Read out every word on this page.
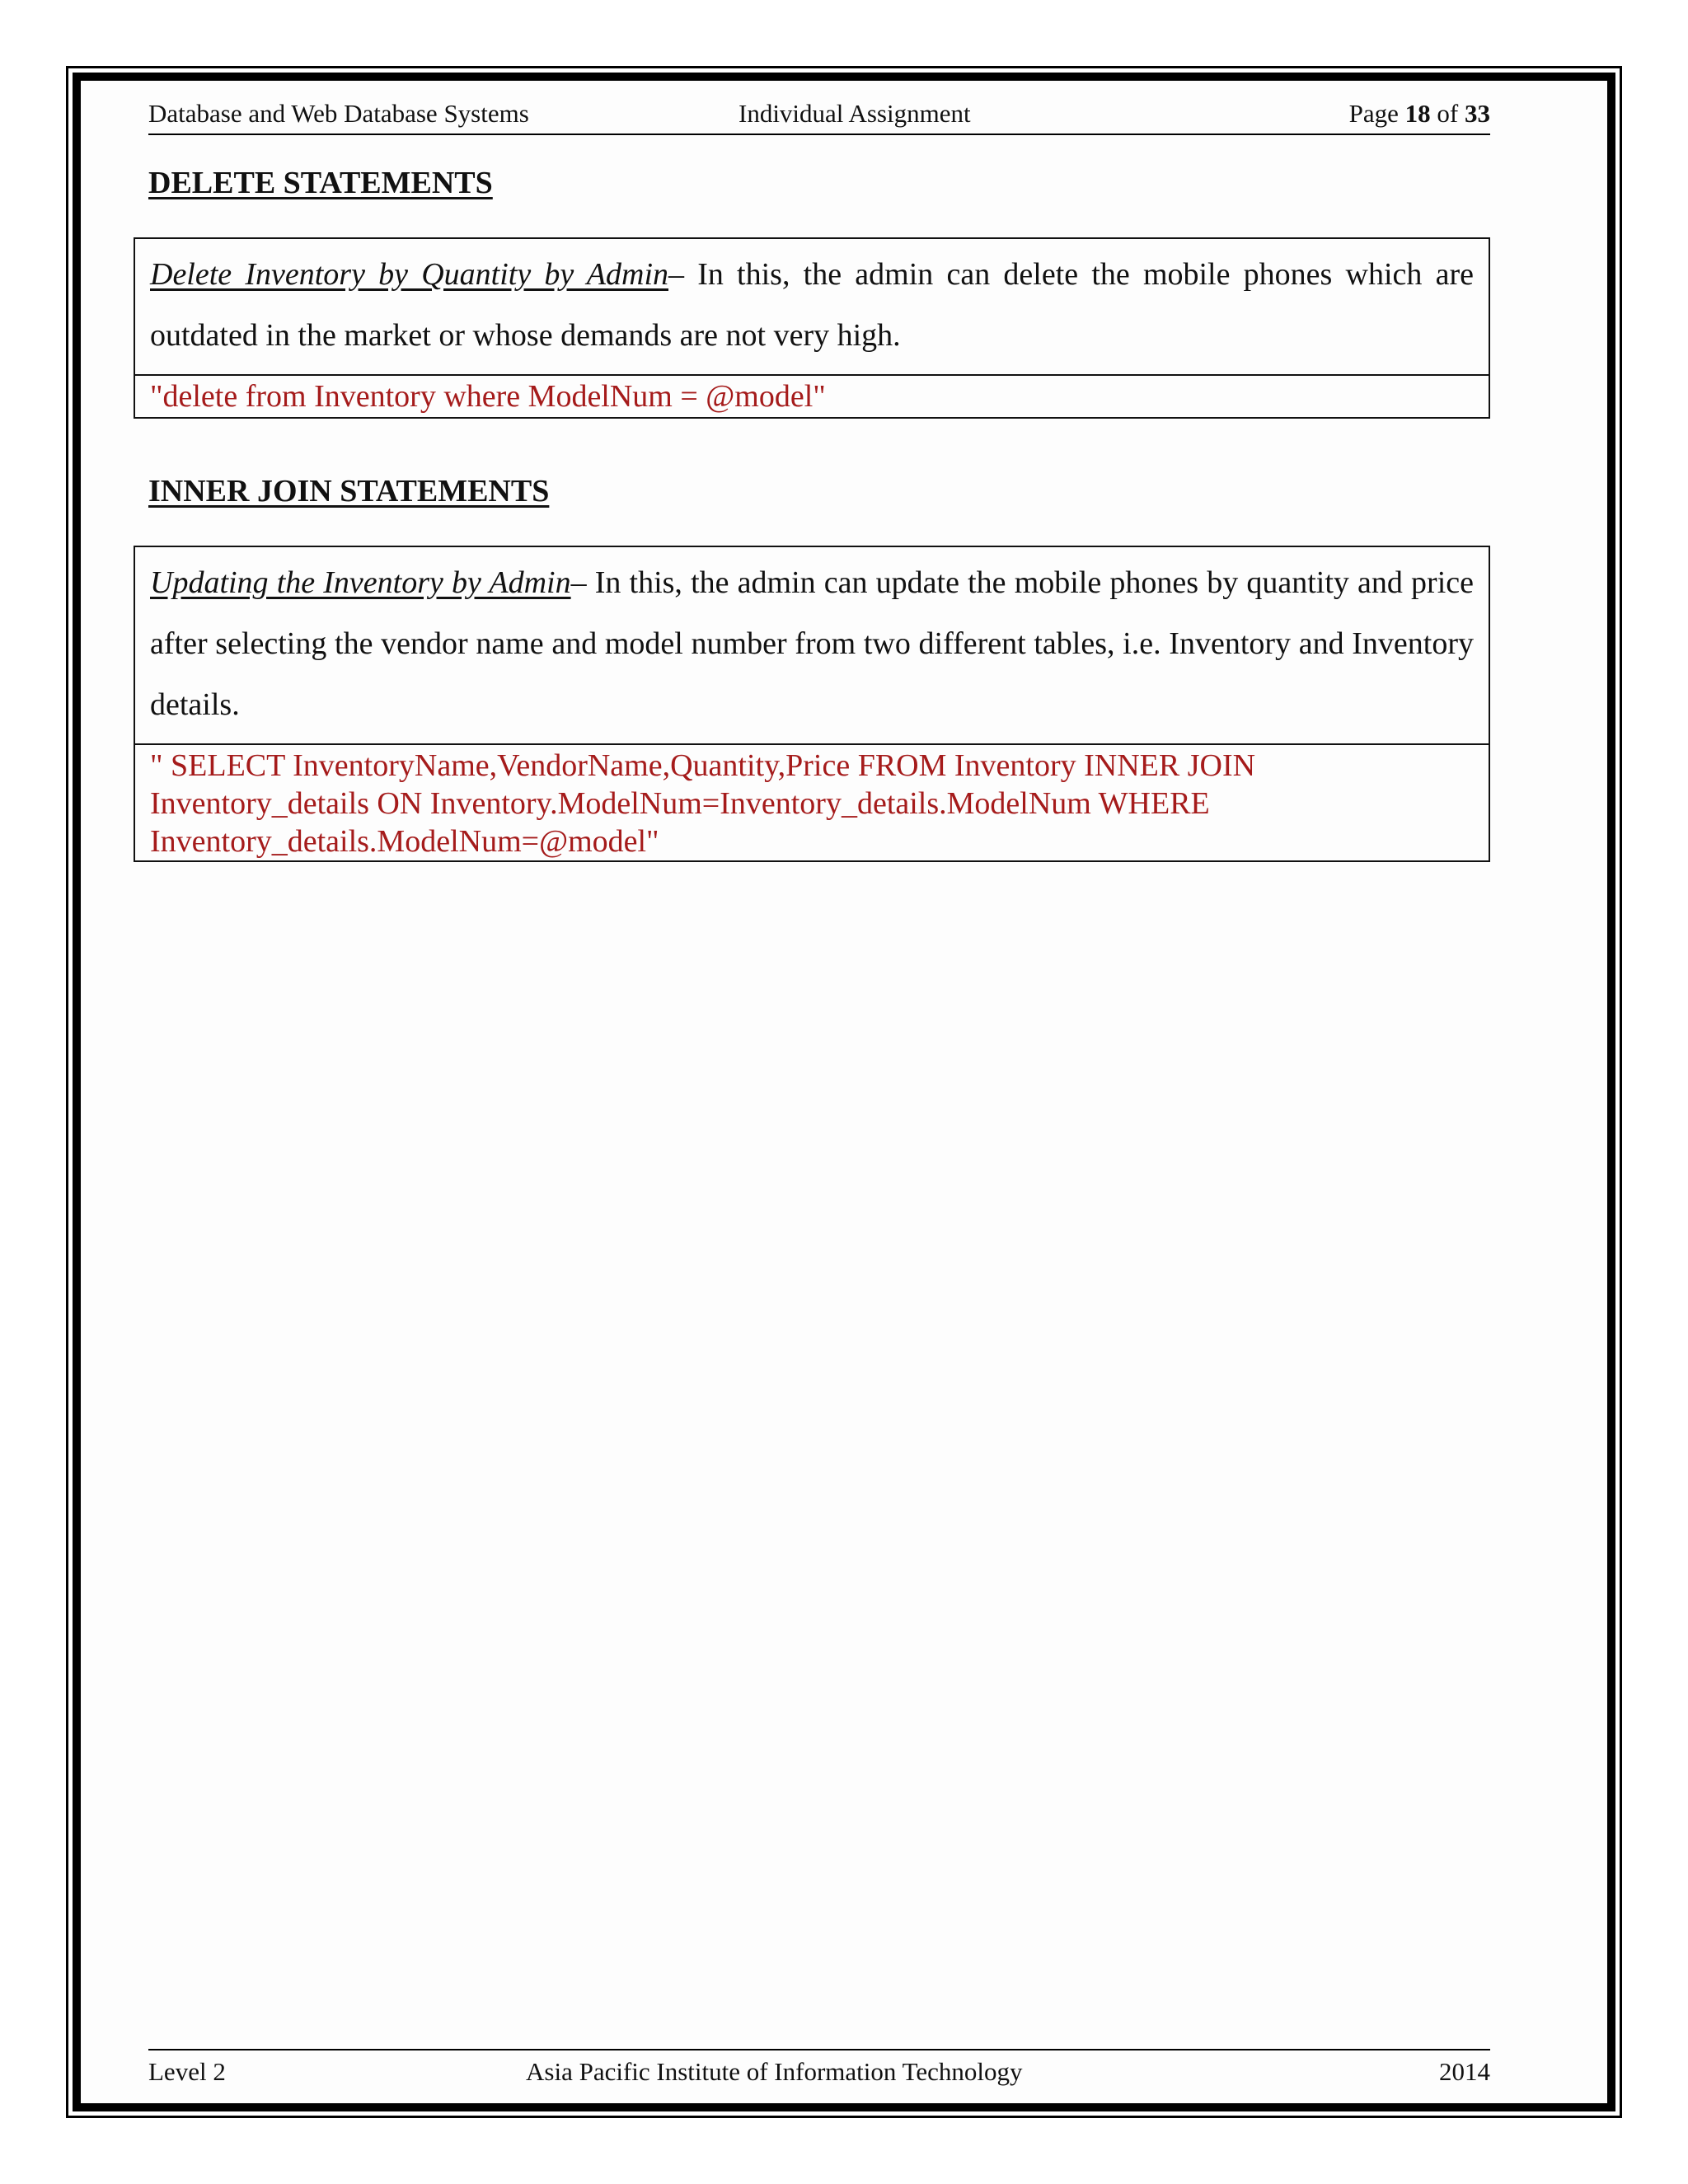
Database and Web Database Systems	Individual Assignment	Page 18 of 33
DELETE STATEMENTS
Delete Inventory by Quantity by Admin– In this, the admin can delete the mobile phones which are outdated in the market or whose demands are not very high.
"delete from Inventory where ModelNum = @model"
INNER JOIN STATEMENTS
Updating the Inventory by Admin– In this, the admin can update the mobile phones by quantity and price after selecting the vendor name and model number from two different tables, i.e. Inventory and Inventory details.
" SELECT InventoryName,VendorName,Quantity,Price FROM Inventory INNER JOIN
Inventory_details ON Inventory.ModelNum=Inventory_details.ModelNum WHERE
Inventory_details.ModelNum=@model"
Level 2	Asia Pacific Institute of Information Technology	2014
